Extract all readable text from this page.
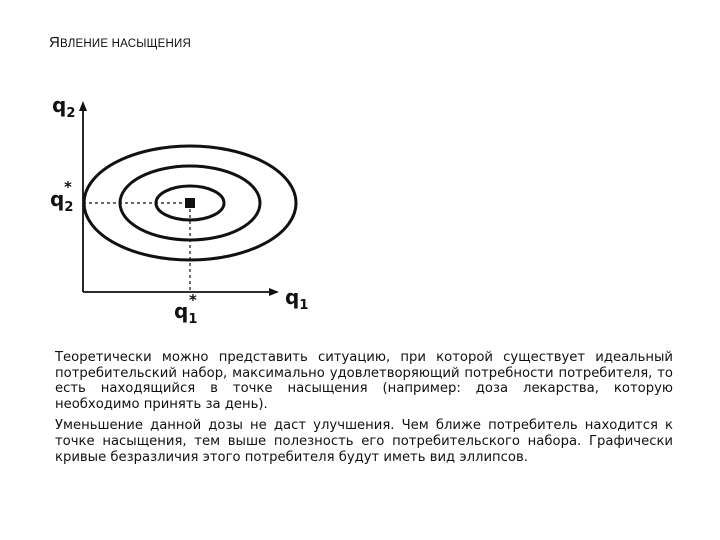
ЯВЛЕНИЕ НАСЫЩЕНИЯ
$q_2$
$q_1$
$q_2$
*
$q_1$
*

Теоретически можно представить ситуацию, при которой существует идеальный потребительский набор, максимально удовлетворяющий потребности потребителя, то есть находящийся в точке насыщения (например: доза лекарства, которую необходимо принять за день).

Уменьшение данной дозы не даст улучшения. Чем ближе потребитель находится к точке насыщения, тем выше полезность его потребительского набора. Графически кривые безразличия этого потребителя будут иметь вид эллипсов.
